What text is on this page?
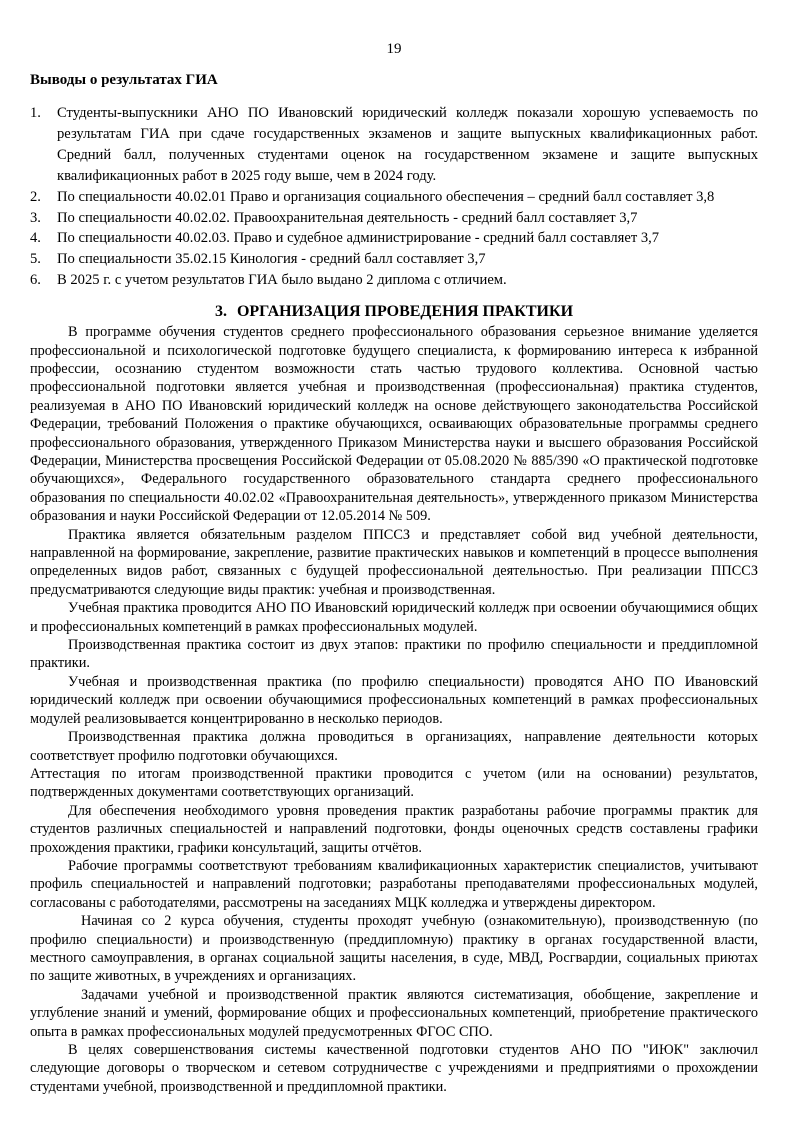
19
Выводы о результатах ГИА
1.	Студенты-выпускники АНО ПО Ивановский юридический колледж показали хорошую успеваемость по результатам ГИА при сдаче государственных экзаменов и защите выпускных квалификационных работ. Средний балл, полученных студентами оценок на государственном экзамене и защите выпускных квалификационных работ в 2025 году выше, чем в 2024 году.
2.	По специальности 40.02.01 Право и организация социального обеспечения – средний балл составляет 3,8
3.	По специальности 40.02.02. Правоохранительная деятельность - средний балл составляет 3,7
4.	По специальности 40.02.03. Право и судебное администрирование - средний балл составляет 3,7
5.	По специальности 35.02.15 Кинология - средний балл составляет 3,7
6.	В 2025 г. с учетом результатов ГИА было выдано 2 диплома с отличием.
3. ОРГАНИЗАЦИЯ ПРОВЕДЕНИЯ ПРАКТИКИ

В программе обучения студентов среднего профессионального образования серьезное внимание уделяется профессиональной и психологической подготовке будущего специалиста, к формированию интереса к избранной профессии, осознанию студентом возможности стать частью трудового коллектива. Основной частью профессиональной подготовки является учебная и производственная (профессиональная) практика студентов, реализуемая в АНО ПО Ивановский юридический колледж на основе действующего законодательства Российской Федерации, требований Положения о практике обучающихся, осваивающих образовательные программы среднего профессионального образования, утвержденного Приказом Министерства науки и высшего образования Российской Федерации, Министерства просвещения Российской Федерации от 05.08.2020 № 885/390 «О практической подготовке обучающихся», Федерального государственного образовательного стандарта среднего профессионального образования по специальности 40.02.02 «Правоохранительная деятельность», утвержденного приказом Министерства образования и науки Российской Федерации от 12.05.2014 № 509.

Практика является обязательным разделом ППССЗ и представляет собой вид учебной деятельности, направленной на формирование, закрепление, развитие практических навыков и компетенций в процессе выполнения определенных видов работ, связанных с будущей профессиональной деятельностью. При реализации ППССЗ предусматриваются следующие виды практик: учебная и производственная.

Учебная практика проводится АНО ПО Ивановский юридический колледж при освоении обучающимися общих и профессиональных компетенций в рамках профессиональных модулей.

Производственная практика состоит из двух этапов: практики по профилю специальности и преддипломной практики.

Учебная и производственная практика (по профилю специальности) проводятся АНО ПО Ивановский юридический колледж при освоении обучающимися профессиональных компетенций в рамках профессиональных модулей реализовывается концентрированно в несколько периодов.

Производственная практика должна проводиться в организациях, направление деятельности которых соответствует профилю подготовки обучающихся.

Аттестация по итогам производственной практики проводится с учетом (или на основании) результатов, подтвержденных документами соответствующих организаций.

Для обеспечения необходимого уровня проведения практик разработаны рабочие программы практик для студентов различных специальностей и направлений подготовки, фонды оценочных средств составлены графики прохождения практики, графики консультаций, защиты отчётов.

Рабочие программы соответствуют требованиям квалификационных характеристик специалистов, учитывают профиль специальностей и направлений подготовки; разработаны преподавателями профессиональных модулей, согласованы с работодателями, рассмотрены на заседаниях МЦК колледжа и утверждены директором.

Начиная со 2 курса обучения, студенты проходят учебную (ознакомительную), производственную (по профилю специальности) и производственную (преддипломную) практику в органах государственной власти, местного самоуправления, в органах социальной защиты населения, в суде, МВД, Росгвардии, социальных приютах по защите животных, в учреждениях и организациях.

Задачами учебной и производственной практик являются систематизация, обобщение, закрепление и углубление знаний и умений, формирование общих и профессиональных компетенций, приобретение практического опыта в рамках профессиональных модулей предусмотренных ФГОС СПО.

В целях совершенствования системы качественной подготовки студентов АНО ПО "ИЮК" заключил следующие договоры о творческом и сетевом сотрудничестве с учреждениями и предприятиями о прохождении студентами учебной, производственной и преддипломной практики.
